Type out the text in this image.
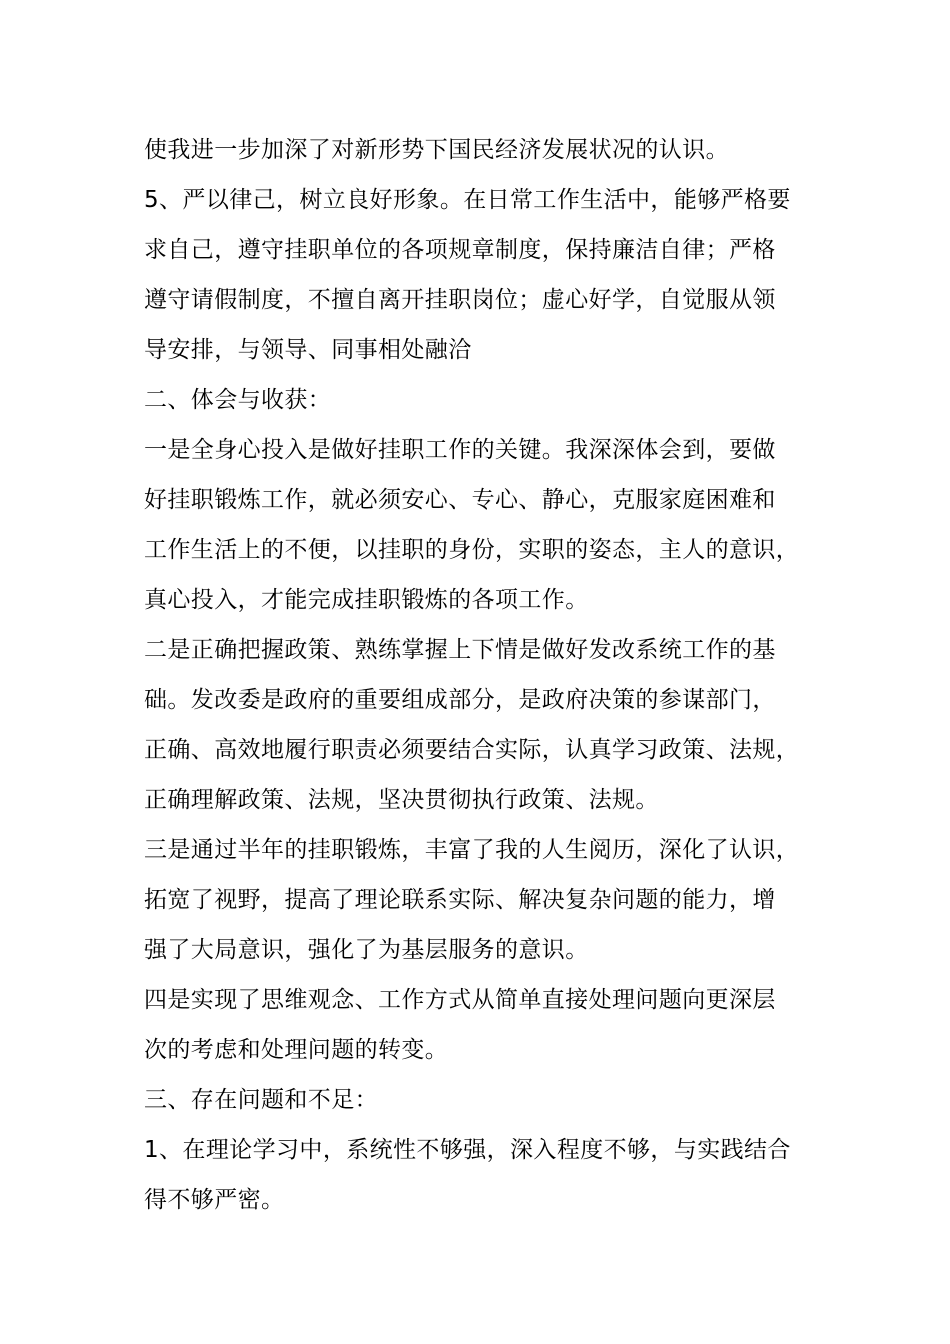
使我进一步加深了对新形势下国民经济发展状况的认识。
5、严以律己，树立良好形象。在日常工作生活中，能够严格要
求自己，遵守挂职单位的各项规章制度，保持廉洁自律；严格
遵守请假制度，不擅自离开挂职岗位；虚心好学，自觉服从领
导安排，与领导、同事相处融洽
二、体会与收获：
一是全身心投入是做好挂职工作的关键。我深深体会到，要做
好挂职锻炼工作，就必须安心、专心、静心，克服家庭困难和
工作生活上的不便，以挂职的身份，实职的姿态，主人的意识，
真心投入，才能完成挂职锻炼的各项工作。
二是正确把握政策、熟练掌握上下情是做好发改系统工作的基
础。发改委是政府的重要组成部分，是政府决策的参谋部门，
正确、高效地履行职责必须要结合实际，认真学习政策、法规，
正确理解政策、法规，坚决贯彻执行政策、法规。
三是通过半年的挂职锻炼，丰富了我的人生阅历，深化了认识，
拓宽了视野，提高了理论联系实际、解决复杂问题的能力，增
强了大局意识，强化了为基层服务的意识。
四是实现了思维观念、工作方式从简单直接处理问题向更深层
次的考虑和处理问题的转变。
三、存在问题和不足：
1、在理论学习中，系统性不够强，深入程度不够，与实践结合
得不够严密。
